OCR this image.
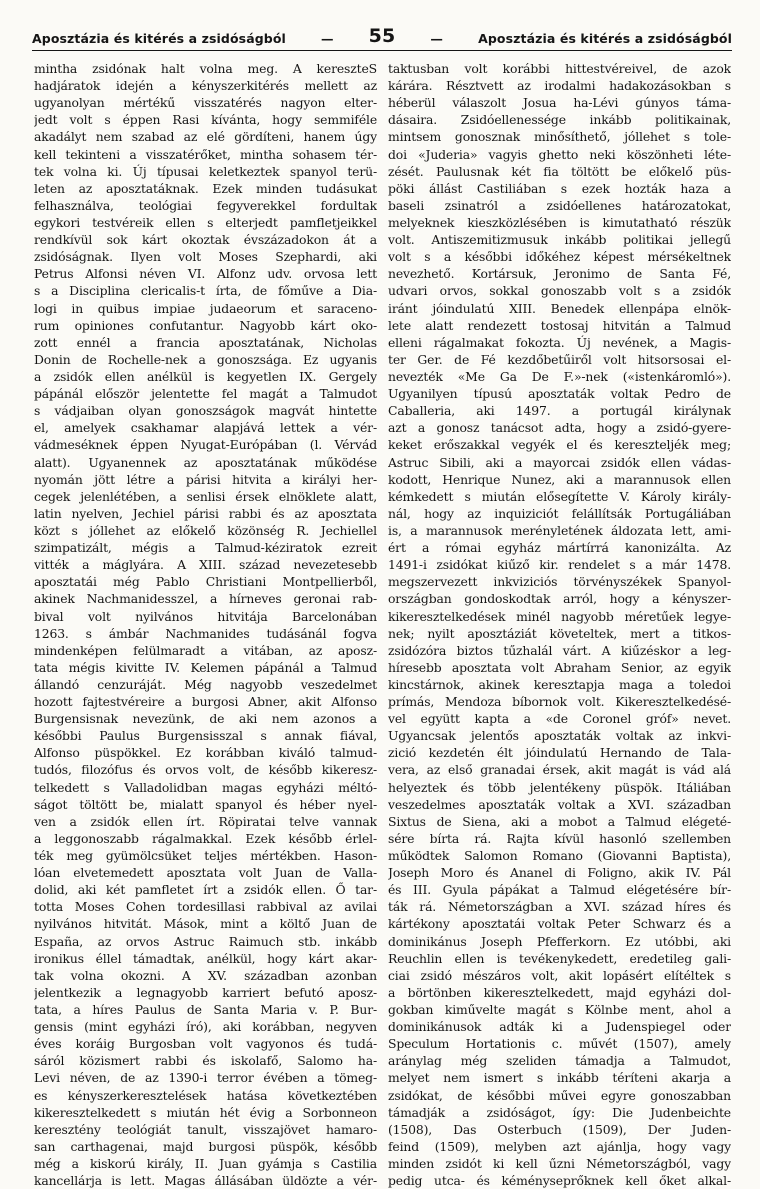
Aposztázia és kitérés a zsidóságból	— 55	—	Aposztázia és kitérés a zsidóságból
mintha zsidónak halt volna meg. A kereszteS
hadjáratok idején a kényszerkitérés mellett az
ugyanolyan mértékű visszatérés nagyon elter-
jedt volt s éppen Rasi kívánta, hogy semmiféle
akadályt nem szabad az elé gördíteni, hanem úgy
kell tekinteni a visszatérőket, mintha sohasem tér-
tek volna ki. Új típusai keletkeztek spanyol terü-
leten az aposztatáknak. Ezek minden tudásukat
felhasználva, teológiai fegyverekkel fordultak
egykori testvéreik ellen s elterjedt pamfletjeikkel
rendkívül sok kárt okoztak évszázadokon át a
zsidóságnak. Ilyen volt Moses Szephardi, aki
Petrus Alfonsi néven VI. Alfonz udv. orvosa lett
s a Disciplina clericalis-t írta, de főműve a Dia-
logi in quibus impiae judaeorum et saraceno-
rum opiniones confutantur. Nagyobb kárt oko-
zott ennél a francia aposztatának, Nicholas
Donin de Rochelle-nek a gonoszsága. Ez ugyanis
a zsidók ellen anélkül is kegyetlen IX. Gergely
pápánál először jelentette fel magát a Talmudot
s vádjaiban olyan gonoszságok magvát hintette
el, amelyek csakhamar alapjává lettek a vér-
vádmeséknek éppen Nyugat-Európában (l. Vérvád
alatt). Ugyanennek az aposztatának működése
nyomán jött létre a párisi hitvita a királyi her-
cegek jelenlétében, a senlisi érsek elnöklete alatt,
latin nyelven, Jechiel párisi rabbi és az aposztata
közt s jóllehet az előkelő közönség R. Jechiellel
szimpatizált, mégis a Talmud-kéziratok ezreit
vitték a máglyára. A XIII. század nevezetesebb
aposztatái még Pablo Christiani Montpellierből,
akinek Nachmanidesszel, a hírneves geronai rab-
bival volt nyilvános hitvitája Barcelonában
1263. s ámbár Nachmanides tudásánál fogva
mindenképen felülmaradt a vitában, az aposz-
tata mégis kivitte IV. Kelemen pápánál a Talmud
állandó cenzuráját. Még nagyobb veszedelmet
hozott fajtestvéreire a burgosi Abner, akit Alfonso
Burgensisnak nevezünk, de aki nem azonos a
későbbi Paulus Burgensisszal s annak fiával,
Alfonso püspökkel. Ez korábban kiváló talmud-
tudós, filozófus és orvos volt, de később kikeresz-
telkedett s Valladolidban magas egyházi méltó-
ságot töltött be, mialatt spanyol és héber nyel-
ven a zsidók ellen írt. Röpiratai telve vannak
a leggonoszabb rágalmakkal. Ezek később érlel-
ték meg gyümölcsüket teljes mértékben. Hason-
lóan elvetemedett aposztata volt Juan de Valla-
dolid, aki két pamfletet írt a zsidók ellen. Ő tar-
totta Moses Cohen tordesillasi rabbival az avilai
nyilvános hitvitát. Mások, mint a költő Juan de
España, az orvos Astruc Raimuch stb. inkább
ironikus éllel támadtak, anélkül, hogy kárt akar-
tak volna okozni. A XV. században azonban
jelentkezik a legnagyobb karriert befutó aposz-
tata, a híres Paulus de Santa Maria v. P. Bur-
gensis (mint egyházi író), aki korábban, negyven
éves koráig Burgosban volt vagyonos és tudá-
sáról közismert rabbi és iskolafő, Salomo ha-
Levi néven, de az 1390-i terror évében a tömeg-
es kényszerkeresztelések hatása következtében
kikeresztelkedett s miután hét évig a Sorbonneon
keresztény teológiát tanult, visszajövet hamaro-
san carthagenai, majd burgosi püspök, később
még a kiskorú király, II. Juan gyámja s Castilia
kancellárja is lett. Magas állásában üldözte a vér-
taktusban volt korábbi hittestvéreivel, de azok
kárára. Résztvett az irodalmi hadakozásokban s
héberül válaszolt Josua ha-Lévi gúnyos táma-
dásaira. Zsidóellenessége inkább politikainak,
mintsem gonosznak minősíthető, jóllehet s tole-
doi «Juderia» vagyis ghetto neki köszönheti léte-
zését. Paulusnak két fia töltött be előkelő püs-
pöki állást Castiliában s ezek hozták haza a
baseli zsinatról a zsidóellenes határozatokat,
melyeknek kieszközlésében is kimutatható részük
volt. Antiszemitizmusuk inkább politikai jellegű
volt s a későbbi időkéhez képest mérsékeltnek
nevezhető. Kortársuk, Jeronimo de Santa Fé,
udvari orvos, sokkal gonoszabb volt s a zsidók
iránt jóindulatú XIII. Benedek ellenpápa elnök-
lete alatt rendezett tostosaj hitvitán a Talmud
elleni rágalmakat fokozta. Új nevének, a Magis-
ter Ger. de Fé kezdőbetűiről volt hitsorsosai el-
nevezték «Me Ga De F.»-nek («istenkáromló»).
Ugyanilyen típusú aposztaták voltak Pedro de
Caballeria, aki 1497. a portugál királynak
azt a gonosz tanácsot adta, hogy a zsidó-gyere-
keket erőszakkal vegyék el és kereszteljék meg;
Astruc Sibili, aki a mayorcai zsidók ellen vádas-
kodott, Henrique Nunez, aki a marannusok ellen
kémkedett s miután elősegítette V. Károly király-
nál, hogy az inquiziciót felállítsák Portugáliában
is, a marannusok merényletének áldozata lett, ami-
ért a római egyház mártírrá kanonizálta. Az
1491-i zsidókat kiűző kir. rendelet s a már 1478.
megszervezett inkviziciós törvényszékek Spanyol-
országban gondoskodtak arról, hogy a kényszer-
kikeresztelkedések minél nagyobb méretűek legye-
nek; nyilt aposztáziát követeltek, mert a titkos-
zsidózóra biztos tűzhalál várt. A kiűzéskor a leg-
híresebb aposztata volt Abraham Senior, az egyik
kincstárnok, akinek keresztapja maga a toledoi
prímás, Mendoza bíbornok volt. Kikeresztelkedésé-
vel együtt kapta a «de Coronel gróf» nevet.
Ugyancsak jelentős aposztaták voltak az inkvi-
zició kezdetén élt jóindulatú Hernando de Tala-
vera, az első granadai érsek, akit magát is vád alá
helyeztek és több jelentékeny püspök. Itáliában
veszedelmes aposztaták voltak a XVI. században
Sixtus de Siena, aki a mobot a Talmud elégeté-
sére bírta rá. Rajta kívül hasonló szellemben
működtek Salomon Romano (Giovanni Baptista),
Joseph Moro és Ananel di Foligno, akik IV. Pál
és III. Gyula pápákat a Talmud elégetésére bír-
ták rá. Németországban a XVI. század híres és
kártékony aposztatái voltak Peter Schwarz és a
dominikánus Joseph Pfefferkorn. Ez utóbbi, aki
Reuchlin ellen is tevékenykedett, eredetileg gali-
ciai zsidó mészáros volt, akit lopásért elítéltek s
a börtönben kikeresztelkedett, majd egyházi dol-
gokban kiművelte magát s Kölnbe ment, ahol a
dominikánusok adták ki a Judenspiegel oder
Speculum Hortationis c. művét (1507), amely
aránylag még szeliden támadja a Talmudot,
melyet nem ismert s inkább téríteni akarja a
zsidókat, de későbbi művei egyre gonoszabban
támadják a zsidóságot, így: Die Judenbeichte
(1508), Das Osterbuch (1509), Der Juden-
feind (1509), melyben azt ajánlja, hogy vagy
minden zsidót ki kell űzni Németországból, vagy
pedig utca- és kéményseprőknek kell őket alkal-
